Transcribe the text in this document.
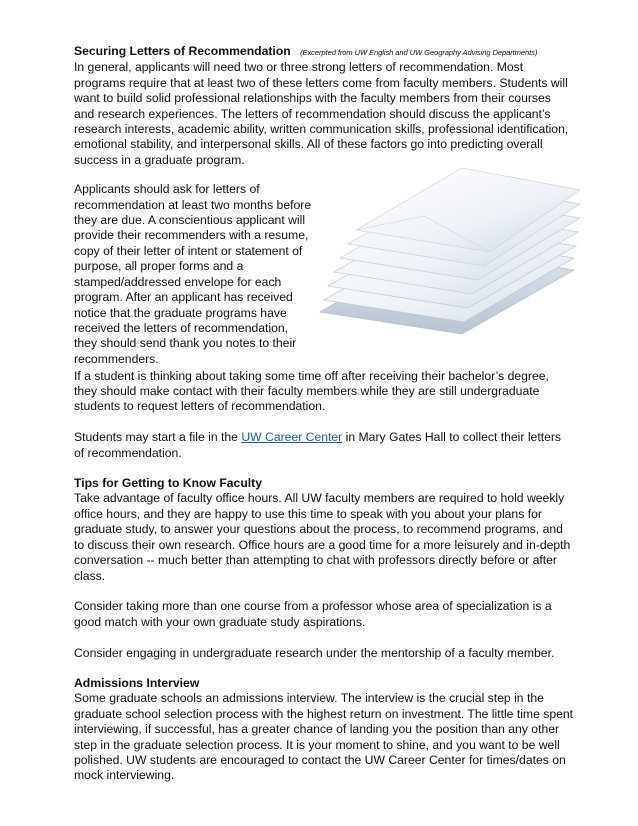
Securing Letters of Recommendation (Excerpted from UW English and UW Geography Advising Departments)

In general, applicants will need two or three strong letters of recommendation. Most programs require that at least two of these letters come from faculty members. Students will want to build solid professional relationships with the faculty members from their courses and research experiences. The letters of recommendation should discuss the applicant’s research interests, academic ability, written communication skills, professional identification, emotional stability, and interpersonal skills. All of these factors go into predicting overall success in a graduate program.

Applicants should ask for letters of recommendation at least two months before they are due. A conscientious applicant will provide their recommenders with a resume, copy of their letter of intent or statement of purpose, all proper forms and a stamped/addressed envelope for each program. After an applicant has received notice that the graduate programs have received the letters of recommendation, they should send thank you notes to their recommenders.

If a student is thinking about taking some time off after receiving their bachelor’s degree, they should make contact with their faculty members while they are still undergraduate students to request letters of recommendation.

Students may start a file in the UW Career Center in Mary Gates Hall to collect their letters of recommendation.

Tips for Getting to Know Faculty

Take advantage of faculty office hours. All UW faculty members are required to hold weekly office hours, and they are happy to use this time to speak with you about your plans for graduate study, to answer your questions about the process, to recommend programs, and to discuss their own research. Office hours are a good time for a more leisurely and in-depth conversation -- much better than attempting to chat with professors directly before or after class.

Consider taking more than one course from a professor whose area of specialization is a good match with your own graduate study aspirations.

Consider engaging in undergraduate research under the mentorship of a faculty member.

Admissions Interview

Some graduate schools an admissions interview. The interview is the crucial step in the graduate school selection process with the highest return on investment. The little time spent interviewing, if successful, has a greater chance of landing you the position than any other step in the graduate selection process. It is your moment to shine, and you want to be well polished. UW students are encouraged to contact the UW Career Center for times/dates on mock interviewing.
